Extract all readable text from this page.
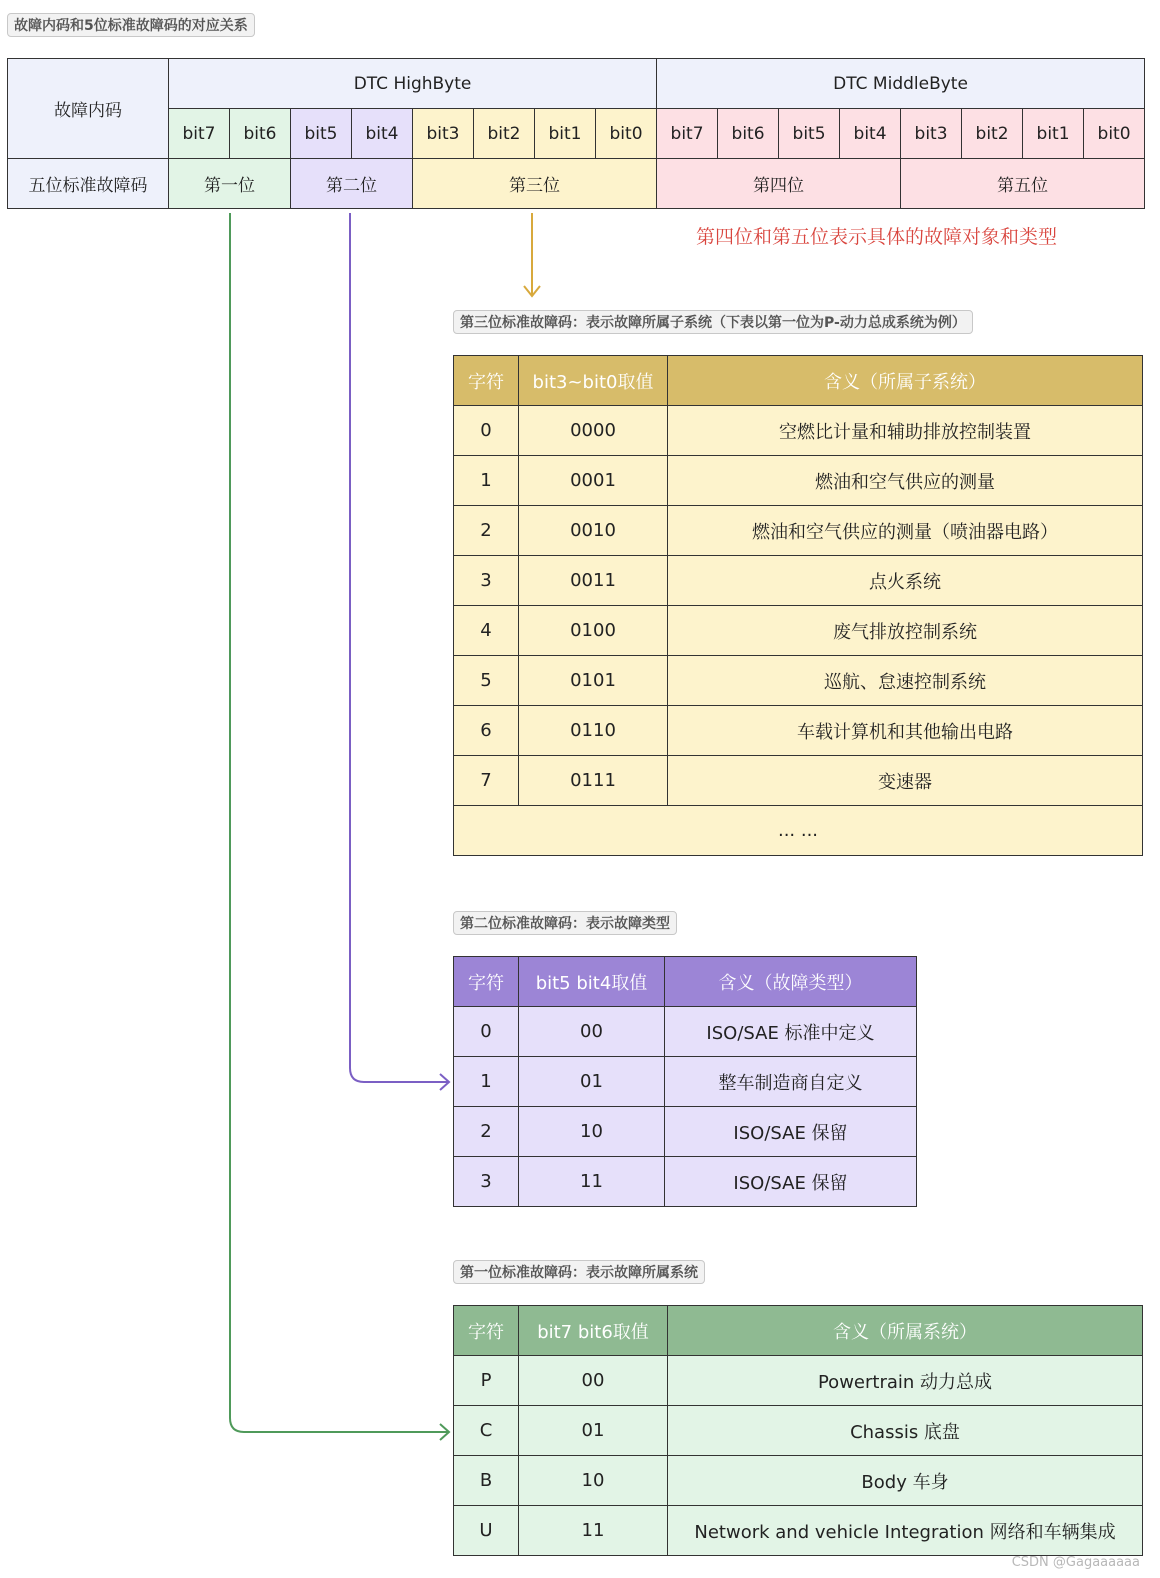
故障内码和5位标准故障码的对应关系
故障内码	DTC HighByte								DTC MiddleByte							
	bit7	bit6	bit5	bit4	bit3	bit2	bit1	bit0	bit7	bit6	bit5	bit4	bit3	bit2	bit1	bit0
五位标准故障码	第一位		第二位		第三位				第四位				第五位			
第四位和第五位表示具体的故障对象和类型
第三位标准故障码：表示故障所属子系统（下表以第一位为P-动力总成系统为例）
字符	bit3~bit0取值	含义（所属子系统）
0	0000	空燃比计量和辅助排放控制装置
1	0001	燃油和空气供应的测量
2	0010	燃油和空气供应的测量（喷油器电路）
3	0011	点火系统
4	0100	废气排放控制系统
5	0101	巡航、怠速控制系统
6	0110	车载计算机和其他输出电路
7	0111	变速器
... ...		
第二位标准故障码：表示故障类型
字符	bit5 bit4取值	含义（故障类型）
0	00	ISO/SAE 标准中定义
1	01	整车制造商自定义
2	10	ISO/SAE 保留
3	11	ISO/SAE 保留
第一位标准故障码：表示故障所属系统
字符	bit7 bit6取值	含义（所属系统）
P	00	Powertrain 动力总成
C	01	Chassis 底盘
B	10	Body 车身
U	11	Network and vehicle Integration 网络和车辆集成
CSDN @Gagaaaaaa
